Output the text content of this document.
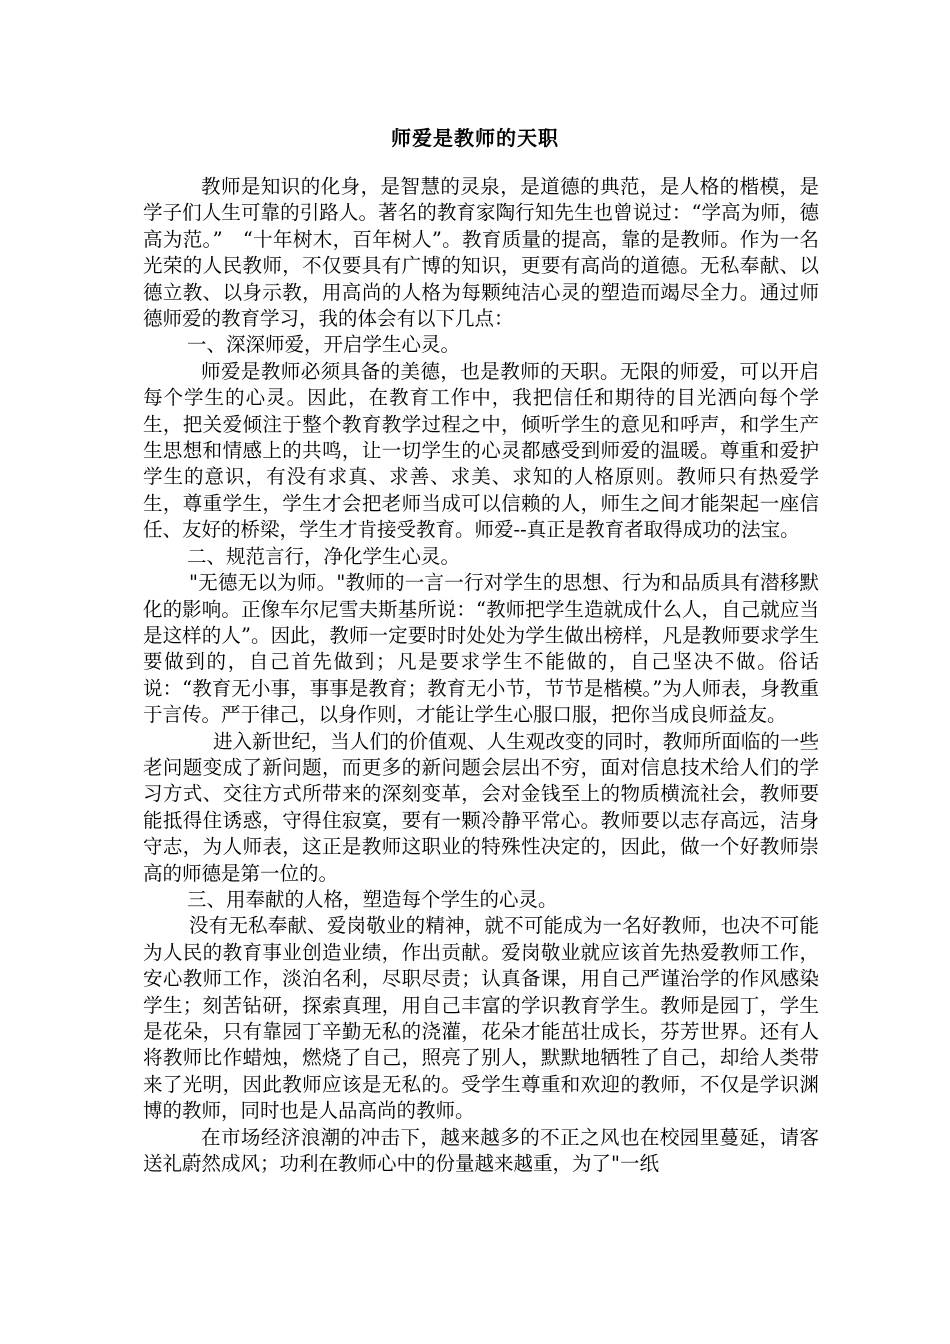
师爱是教师的天职

教师是知识的化身，是智慧的灵泉，是道德的典范，是人格的楷模，是学子们人生可靠的引路人。著名的教育家陶行知先生也曾说过：“学高为师，德高为范。”　“十年树木，百年树人”。教育质量的提高，靠的是教师。作为一名光荣的人民教师，不仅要具有广博的知识，更要有高尚的道德。无私奉献、以德立教、以身示教，用高尚的人格为每颗纯洁心灵的塑造而竭尽全力。通过师德师爱的教育学习，我的体会有以下几点：

一、深深师爱，开启学生心灵。

师爱是教师必须具备的美德，也是教师的天职。无限的师爱，可以开启每个学生的心灵。因此，在教育工作中，我把信任和期待的目光洒向每个学生，把关爱倾注于整个教育教学过程之中，倾听学生的意见和呼声，和学生产生思想和情感上的共鸣，让一切学生的心灵都感受到师爱的温暖。尊重和爱护学生的意识，有没有求真、求善、求美、求知的人格原则。教师只有热爱学生，尊重学生，学生才会把老师当成可以信赖的人，师生之间才能架起一座信任、友好的桥梁，学生才肯接受教育。师爱--真正是教育者取得成功的法宝。

二、规范言行，净化学生心灵。

"无德无以为师。"教师的一言一行对学生的思想、行为和品质具有潜移默化的影响。正像车尔尼雪夫斯基所说：“教师把学生造就成什么人，自己就应当是这样的人”。因此，教师一定要时时处处为学生做出榜样，凡是教师要求学生要做到的，自己首先做到；凡是要求学生不能做的，自己坚决不做。俗话说：“教育无小事，事事是教育；教育无小节，节节是楷模。”为人师表，身教重于言传。严于律己，以身作则，才能让学生心服口服，把你当成良师益友。

进入新世纪，当人们的价值观、人生观改变的同时，教师所面临的一些老问题变成了新问题，而更多的新问题会层出不穷，面对信息技术给人们的学习方式、交往方式所带来的深刻变革，会对金钱至上的物质横流社会，教师要能抵得住诱惑，守得住寂寞，要有一颗冷静平常心。教师要以志存高远，洁身守志，为人师表，这正是教师这职业的特殊性决定的，因此，做一个好教师崇高的师德是第一位的。

三、用奉献的人格，塑造每个学生的心灵。

没有无私奉献、爱岗敬业的精神，就不可能成为一名好教师，也决不可能为人民的教育事业创造业绩，作出贡献。爱岗敬业就应该首先热爱教师工作，安心教师工作，淡泊名利，尽职尽责；认真备课，用自己严谨治学的作风感染学生；刻苦钻研，探索真理，用自己丰富的学识教育学生。教师是园丁，学生是花朵，只有靠园丁辛勤无私的浇灌，花朵才能茁壮成长，芬芳世界。还有人将教师比作蜡烛，燃烧了自己，照亮了别人，默默地牺牲了自己，却给人类带来了光明，因此教师应该是无私的。受学生尊重和欢迎的教师，不仅是学识渊博的教师，同时也是人品高尚的教师。

在市场经济浪潮的冲击下，越来越多的不正之风也在校园里蔓延，请客送礼蔚然成风；功利在教师心中的份量越来越重，为了"一纸
